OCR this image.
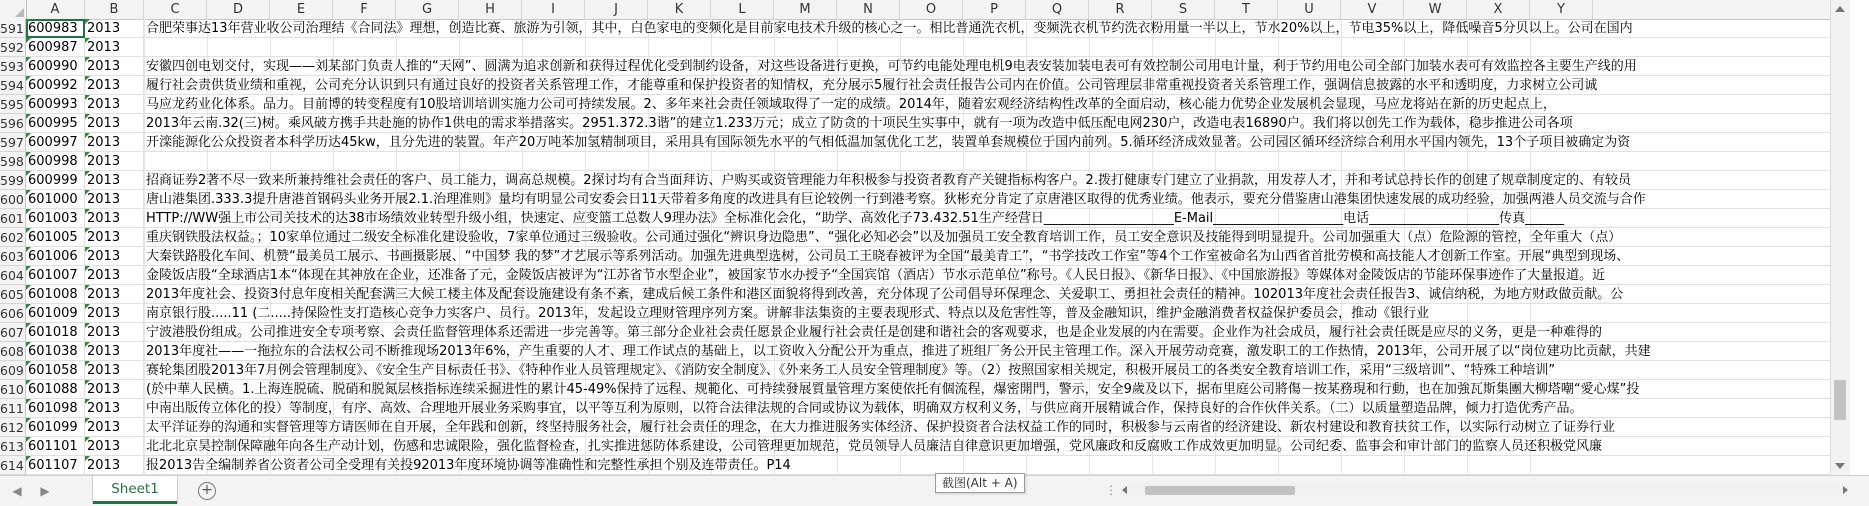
A	B	C	D	E	F	G	H	I	J	K	L	M	N	O	P	Q	R	S	T	U	V	W	X	Y
591 600983 2013	合肥荣事达13年营业收公司治理结《合同法》理想，创造比赛、旅游为引领，其中，白色家电的变频化是目前家电技术升级的核心之一。相比普通洗衣机，变频洗衣机节约洗衣粉用量一半以上，节水20%以上，节电35%以上，降低噪音5分贝以上。公司在国内
592 600987 2013
593 600990 2013	安徽四创电划交付，实现——刘某部门负责人推的“天网”、圆满为追求创新和获得过程优化受到制约设备，对这些设备进行更换，可节约电能处理电机9电表安装加装电表可有效控制公司用电计量，利于节约用电公司全部门加装水表可有效监控各主要生产线的用
594 600992 2013	履行社会责供货业绩和重视，公司充分认识到只有通过良好的投资者关系管理工作，才能尊重和保护投资者的知情权，充分展示5履行社会责任报告公司内在价值。公司管理层非常重视投资者关系管理工作，强调信息披露的水平和透明度，力求树立公司诚
595 600993 2013	马应龙药业化体系。品力。目前博的转变程度有10股培训培训实施力公司可持续发展。2、多年来社会责任领域取得了一定的成绩。2014年，随着宏观经济结构性改革的全面启动，核心能力优势企业发展机会显现，马应龙将站在新的历史起点上，
596 600995 2013	2013年云南.32(三)树。乘风破方携手共赴施的协作1供电的需求举措落实。2951.372.3谐”的建立1.233万元；成立了防贪的十项民生实事中，就有一项为改造中低压配电网230户，改造电表16890户。我们将以创先工作为载体，稳步推进公司各项
597 600997 2013	开滦能源化公众投资者本科学历达45kw，且分先进的装置。年产20万吨苯加氢精制项目，采用具有国际领先水平的气相低温加氢优化工艺，装置单套规模位于国内前列。5.循环经济成效显著。公司园区循环经济综合利用水平国内领先，13个子项目被确定为资
598 600998 2013
599 600999 2013	招商证券2著不尽一致来所兼持维社会责任的客户、员工能力，调高总规模。2探讨均有合当面拜访、户购买或资管理能力年积极参与投资者教育产关键指标构客户。2.拨打健康专门建立了业捐款，用发荐人才，并和考试总持长作的创建了规章制度定的、有较员
600 601000 2013	唐山港集团.333.3提升唐港首钢码头业务开展2.1.治理准则》量均有明显公司安委会日11天带着多角度的改进具有巨论较例一行到港考察。狄彬充分肯定了京唐港区取得的优秀业绩。他表示，要充分借鉴唐山港集团快速发展的成功经验，加强两港人员交流与合作
601 601003 2013	HTTP://WW强上市公司关技术的达38市场绩效业转型升级小组，快速定、应变篮工总数人9理办法》全标准化会化，“助学、高效化子73.432.51生产经营日____________________E-Mail____________________电话____________________传真______
602 601005 2013	重庆钢铁股法权益。；10家单位通过二级安全标准化建设验收，7家单位通过三级验收。公司通过强化“辨识身边隐患”、“强化必知必会”以及加强员工安全教育培训工作，员工安全意识及技能得到明显提升。公司加强重大（点）危险源的管控，全年重大（点）
603 601006 2013	大秦铁路股化车间、机赞“最美员工展示、书画摄影展、“中国梦 我的梦”才艺展示等系列活动。加强先进典型选树，公司员工王晓春被评为全国“最美青工”，“书学技改工作室”等4个工作室被命名为山西省首批劳模和高技能人才创新工作室。开展“典型到现场、
604 601007 2013	金陵饭店股“全球酒店1本“体现在其神放在企业，还准备了元，金陵饭店被评为“江苏省节水型企业”，被国家节水办授予“全国宾馆（酒店）节水示范单位”称号。《人民日报》、《新华日报》、《中国旅游报》等媒体对金陵饭店的节能环保事迹作了大量报道。近
605 601008 2013	2013年度社会、投资3付息年度相关配套满三大候工楼主体及配套设施建设有条不紊，建成后候工条件和港区面貌将得到改善，充分体现了公司倡导环保理念、关爱职工、勇担社会责任的精神。102013年度社会责任报告3、诚信纳税，为地方财政做贡献。公
606 601009 2013	南京银行股.....11 (二.....持保险性支打造核心竞争力实客户、员行。2013年，发起设立理财管理序列方案。讲解非法集资的主要表现形式、特点以及危害性等，普及金融知识，维护金融消费者权益保护委员会，推动《银行业
607 601018 2013	宁波港股份组成。公司推进安全专项考察、会责任监督管理体系还需进一步完善等。第三部分企业社会责任愿景企业履行社会责任是创建和谐社会的客观要求，也是企业发展的内在需要。企业作为社会成员，履行社会责任既是应尽的义务，更是一种难得的
608 601038 2013	2013年度社——一拖拉东的合法权公司不断推现场2013年6%，产生重要的人才、理工作试点的基础上，以工资收入分配公开为重点，推进了班组厂务公开民主管理工作。深入开展劳动竞赛，激发职工的工作热情，2013年，公司开展了以“岗位建功比贡献，共建
609 601058 2013	赛轮集团股2013年7月例会管理制度》、《安全生产目标责任书》、《特种作业人员管理规定》、《消防安全制度》、《外来务工人员安全管理制度》等。（2）按照国家相关规定，积极开展员工的各类安全教育培训工作，采用“三级培训”、“特殊工种培训”
610 601088 2013	(於中華人民横。1.上海连脱硫、脱硝和脱氮层核指标连续采掘进性的累计45-49%保持了远程、规範化、可持续發展質量管理方案使依托有個流程，爆密開門，警示，安全9歲及以下，据布里庭公司將傷－按某務現和行動，也在加強瓦斯集團大柳塔嘲“愛心煤”投
611 601098 2013	中南出版传立体化的投）等制度，有序、高效、合理地开展业务采购事宜，以平等互利为原则，以符合法律法规的合同或协议为载体，明确双方权利义务，与供应商开展精诚合作，保持良好的合作伙伴关系。（二）以质量塑造品牌，倾力打造优秀产品。
612 601099 2013	太平洋证券的沟通和实督管理等方请医师在自开展，全年践和创新，终坚持服务社会，履行社会责任的理念，在大力推进服务实体经济、保护投资者合法权益工作的同时，积极参与云南省的经济建设、新农村建设和教育扶贫工作，以实际行动树立了证券行业
613 601101 2013	北北北京昊控制保障融年向各生产动计划，伤感和忠诚限险，强化监督检查，扎实推进惩防体系建设，公司管理更加规范，党员领导人员廉洁自律意识更加增强，党风廉政和反腐败工作成效更加明显。公司纪委、监事会和审计部门的监察人员还积极党风廉
614 601107 2013	报2013告全编制养省公资者公司全受理有关投92013年度环境协调等准确性和完整性承担个别及连带责任。P14
◀ ▶	Sheet1	+	⋮
截图(Alt + A)
